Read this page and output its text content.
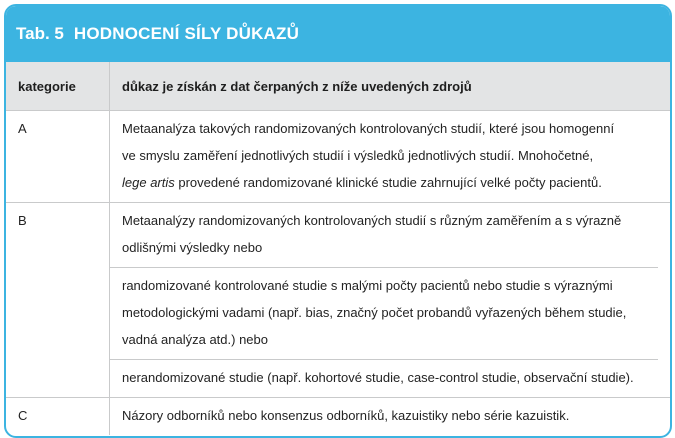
Tab. 5 HODNOCENÍ SÍLY DŮKAZŮ
kategorie	důkaz je získán z dat čerpaných z níže uvedených zdrojů
A	Metaanalýza takových randomizovaných kontrolovaných studií, které jsou homogenní
ve smyslu zaměření jednotlivých studií i výsledků jednotlivých studií. Mnohočetné,
lege artis provedené randomizované klinické studie zahrnující velké počty pacientů.
B	Metaanalýzy randomizovaných kontrolovaných studií s různým zaměřením a s výrazně
odlišnými výsledky nebo
randomizované kontrolované studie s malými počty pacientů nebo studie s výraznými
metodologickými vadami (např. bias, značný počet probandů vyřazených během studie,
vadná analýza atd.) nebo
nerandomizované studie (např. kohortové studie, case-control studie, observační studie).
C	Názory odborníků nebo konsenzus odborníků, kazuistiky nebo série kazuistik.
